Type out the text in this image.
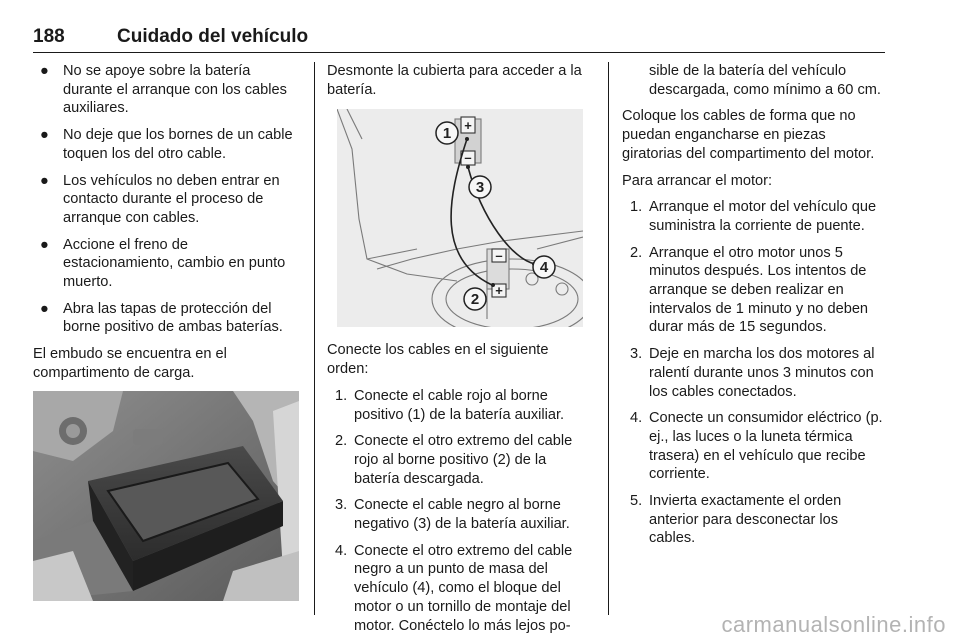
188	Cuidado del vehículo
● No se apoye sobre la batería durante el arranque con los cables auxiliares.
● No deje que los bornes de un cable toquen los del otro cable.
● Los vehículos no deben entrar en contacto durante el proceso de arranque con cables.
● Accione el freno de estacionamiento, cambio en punto muerto.
● Abra las tapas de protección del borne positivo de ambas baterías.

El embudo se encuentra en el compartimento de carga.

Desmonte la cubierta para acceder a la batería.

1
3
4
2
+
–
–
+

Conecte los cables en el siguiente orden:

1. Conecte el cable rojo al borne positivo (1) de la batería auxiliar.
2. Conecte el otro extremo del cable rojo al borne positivo (2) de la batería descargada.
3. Conecte el cable negro al borne negativo (3) de la batería auxiliar.
4. Conecte el otro extremo del cable negro a un punto de masa del vehículo (4), como el bloque del motor o un tornillo de montaje del motor. Conéctelo lo más lejos po-
sible de la batería del vehículo descargada, como mínimo a 60 cm.

Coloque los cables de forma que no puedan engancharse en piezas giratorias del compartimento del motor.

Para arrancar el motor:

1. Arranque el motor del vehículo que suministra la corriente de puente.
2. Arranque el otro motor unos 5 minutos después. Los intentos de arranque se deben realizar en intervalos de 1 minuto y no deben durar más de 15 segundos.
3. Deje en marcha los dos motores al ralentí durante unos 3 minutos con los cables conectados.
4. Conecte un consumidor eléctrico (p. ej., las luces o la luneta térmica trasera) en el vehículo que recibe corriente.
5. Invierta exactamente el orden anterior para desconectar los cables.
carmanualsonline.info
